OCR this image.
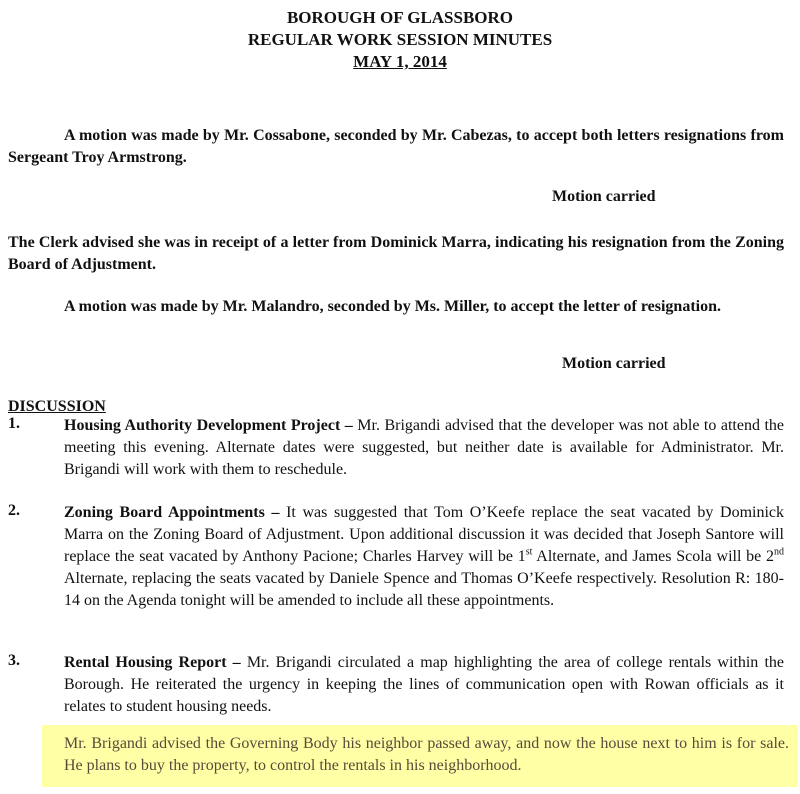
BOROUGH OF GLASSBORO
REGULAR WORK SESSION MINUTES
MAY 1, 2014
A motion was made by Mr. Cossabone, seconded by Mr. Cabezas, to accept both letters resignations from Sergeant Troy Armstrong.
Motion carried
The Clerk advised she was in receipt of a letter from Dominick Marra, indicating his resignation from the Zoning Board of Adjustment.
A motion was made by Mr. Malandro, seconded by Ms. Miller, to accept the letter of resignation.
Motion carried
DISCUSSION
1.	Housing Authority Development Project – Mr. Brigandi advised that the developer was not able to attend the meeting this evening. Alternate dates were suggested, but neither date is available for Administrator. Mr. Brigandi will work with them to reschedule.
2.	Zoning Board Appointments – It was suggested that Tom O’Keefe replace the seat vacated by Dominick Marra on the Zoning Board of Adjustment. Upon additional discussion it was decided that Joseph Santore will replace the seat vacated by Anthony Pacione; Charles Harvey will be 1st Alternate, and James Scola will be 2nd Alternate, replacing the seats vacated by Daniele Spence and Thomas O’Keefe respectively. Resolution R: 180-14 on the Agenda tonight will be amended to include all these appointments.
3.	Rental Housing Report – Mr. Brigandi circulated a map highlighting the area of college rentals within the Borough. He reiterated the urgency in keeping the lines of communication open with Rowan officials as it relates to student housing needs.
Mr. Brigandi advised the Governing Body his neighbor passed away, and now the house next to him is for sale. He plans to buy the property, to control the rentals in his neighborhood.
